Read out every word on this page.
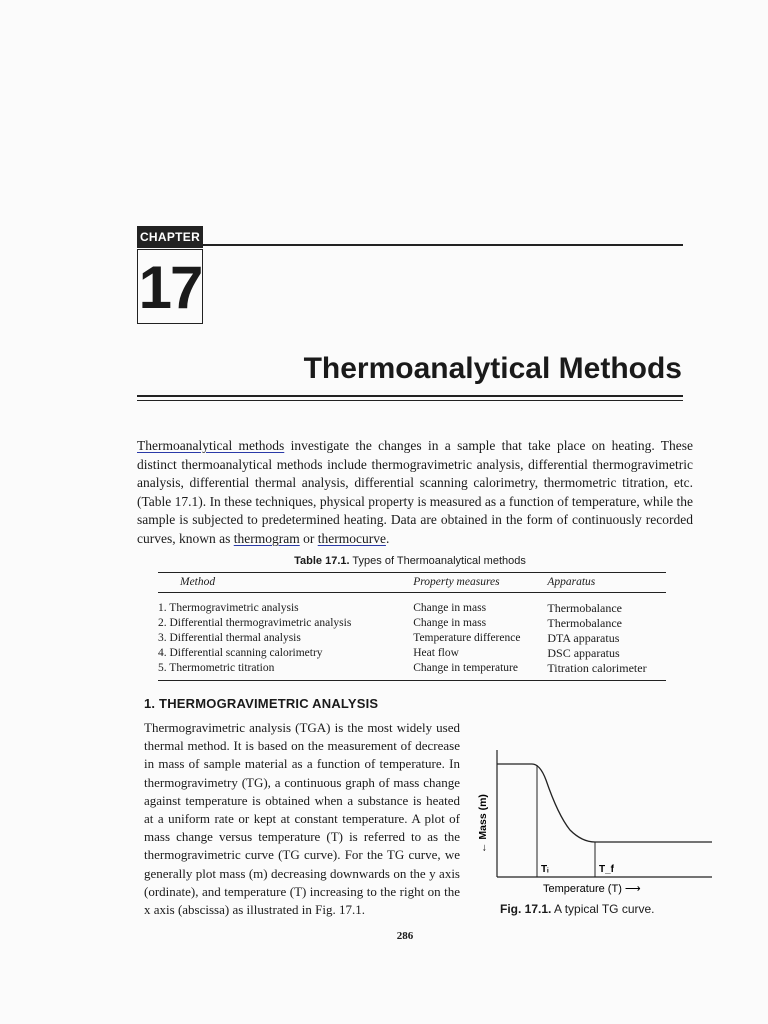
CHAPTER
17
Thermoanalytical Methods
Thermoanalytical methods investigate the changes in a sample that take place on heating. These distinct thermoanalytical methods include thermogravimetric analysis, differential thermogravimetric analysis, differential thermal analysis, differential scanning calorimetry, thermometric titration, etc. (Table 17.1). In these techniques, physical property is measured as a function of temperature, while the sample is subjected to predetermined heating. Data are obtained in the form of continuously recorded curves, known as thermogram or thermocurve.
Table 17.1. Types of Thermoanalytical methods
Method	Property measures	Apparatus
1. Thermogravimetric analysis	Change in mass	Thermobalance
2. Differential thermogravimetric analysis	Change in mass	Thermobalance
3. Differential thermal analysis	Temperature difference	DTA apparatus
4. Differential scanning calorimetry	Heat flow	DSC apparatus
5. Thermometric titration	Change in temperature	Titration calorimeter
1. THERMOGRAVIMETRIC ANALYSIS
Thermogravimetric analysis (TGA) is the most widely used thermal method. It is based on the measurement of decrease in mass of sample material as a function of temperature. In thermogravimetry (TG), a continuous graph of mass change against temperature is obtained when a substance is heated at a uniform rate or kept at constant temperature. A plot of mass change versus temperature (T) is referred to as the thermogravimetric curve (TG curve). For the TG curve, we generally plot mass (m) decreasing downwards on the y axis (ordinate), and temperature (T) increasing to the right on the x axis (abscissa) as illustrated in Fig. 17.1.
Tᵢ	T_f
← Mass (m)
Temperature (T) ⟶
Fig. 17.1. A typical TG curve.
286
